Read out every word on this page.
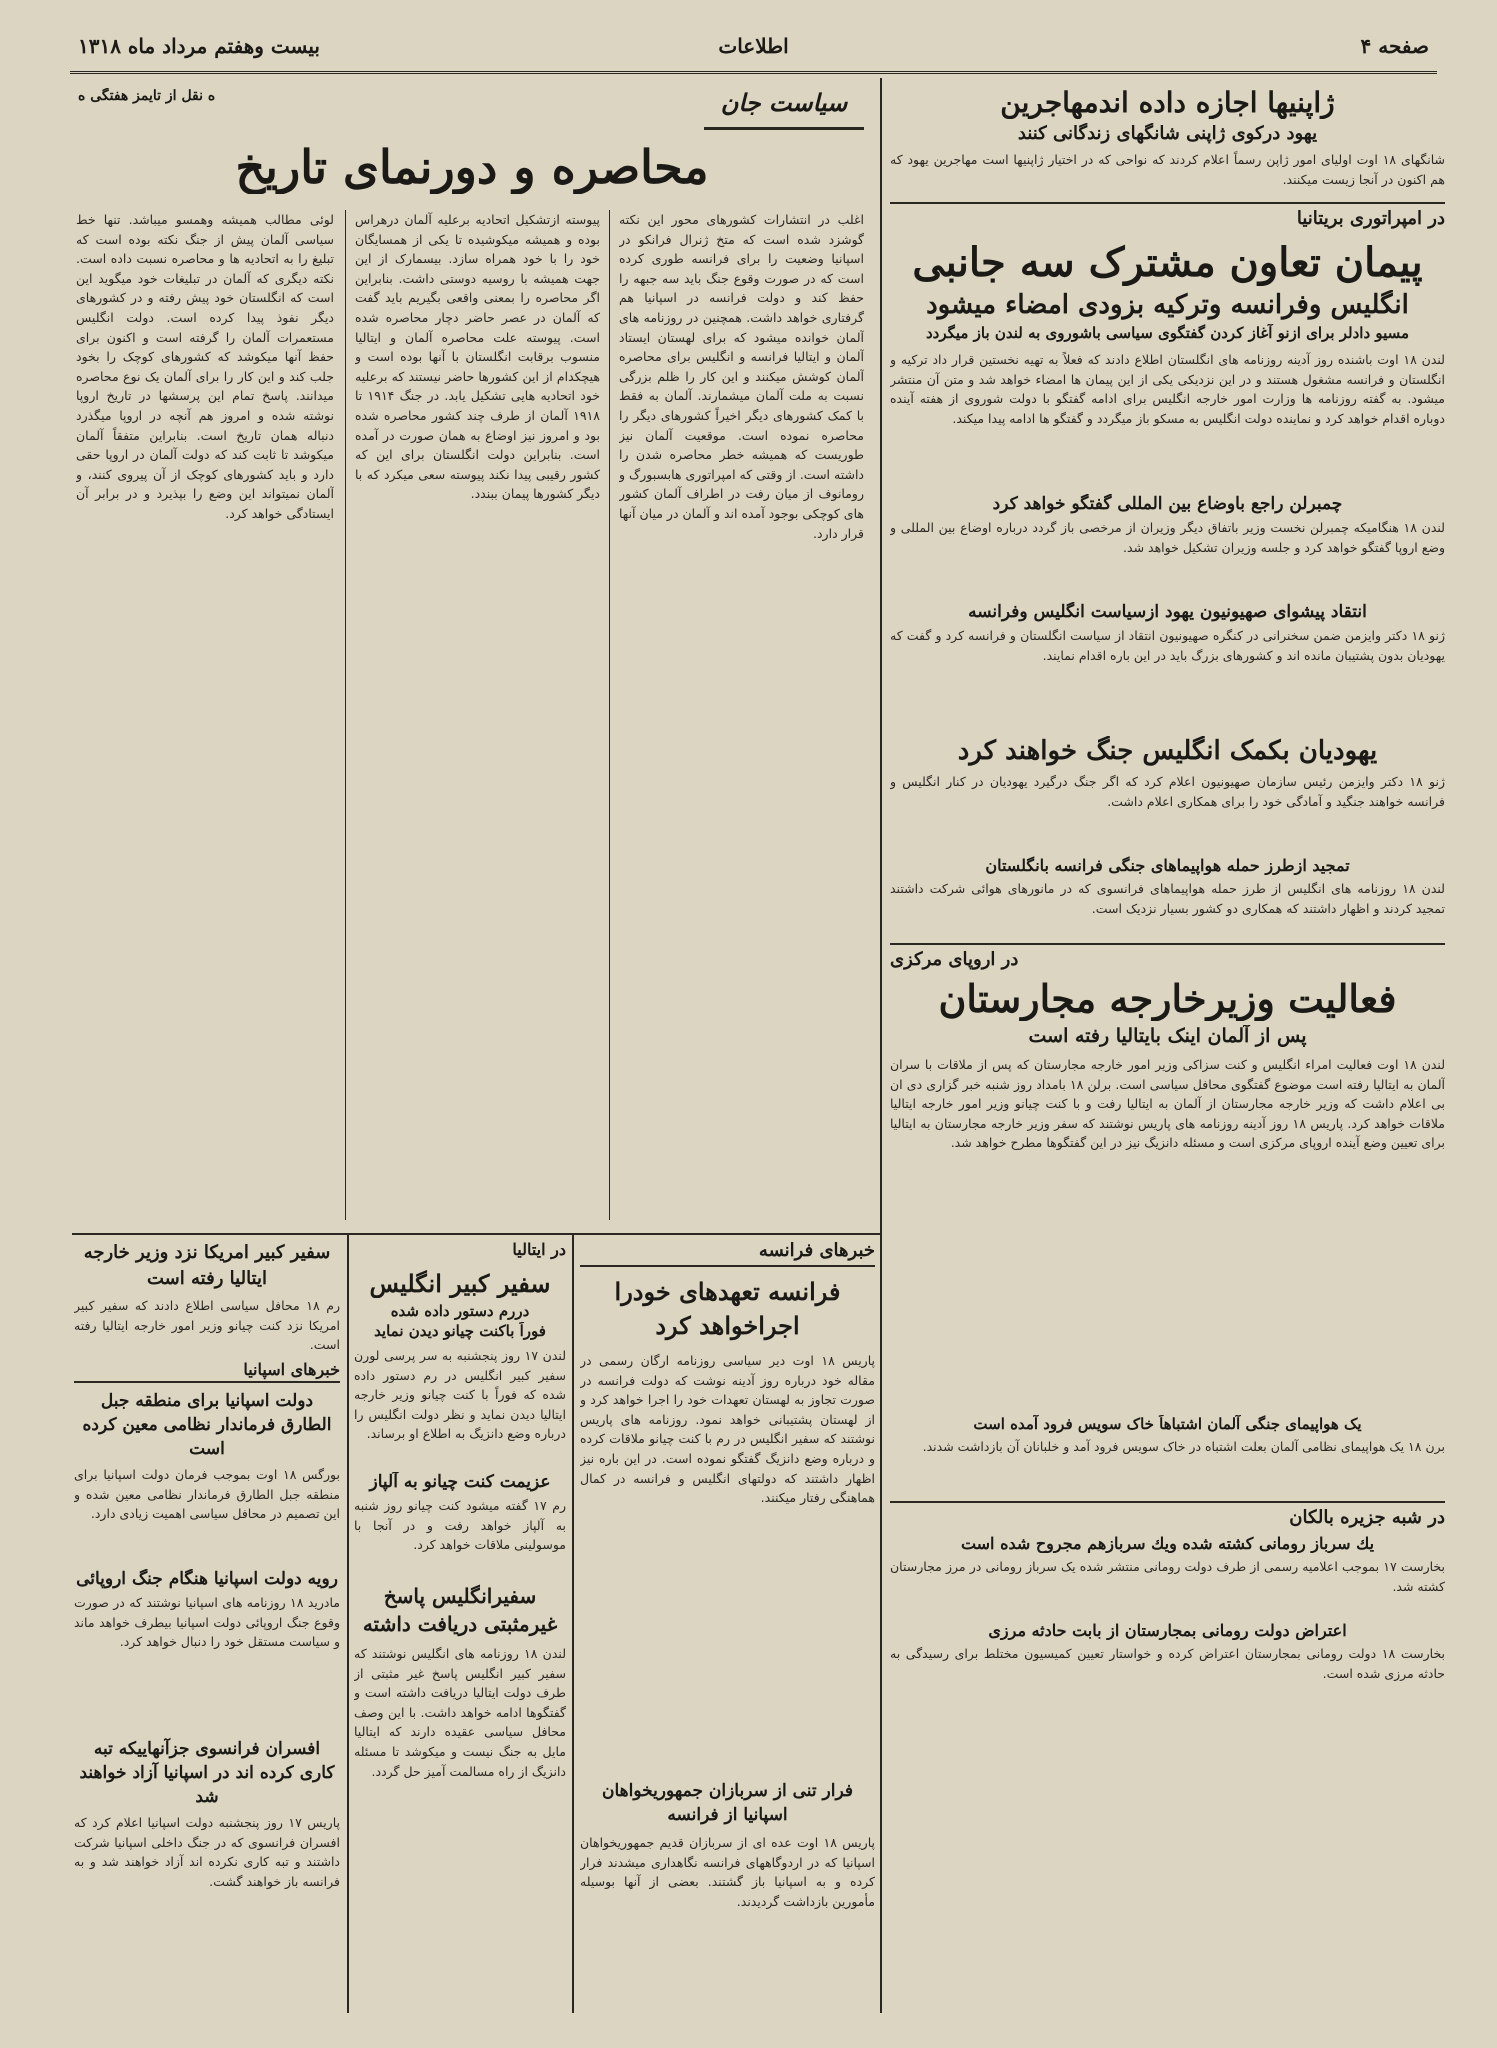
صفحه ۴
اطلاعات
بیست وهفتم مرداد ماه ۱۳۱۸
ژاپنیها اجازه داده اندمهاجرین
یهود درکوی ژاپنی شانگهای زندگانی کنند
شانگهای ۱۸ اوت اولیای امور ژاپن رسماً اعلام کردند که نواحی که در اختیار ژاپنیها است مهاجرین یهود که هم اکنون در آنجا زیست میکنند.
در امپراتوری بریتانیا
پیمان تعاون مشترک سه جانبی
انگلیس وفرانسه وترکیه بزودی امضاء میشود
مسیو دادلر برای ازنو آغاز کردن گفتگوی سیاسی باشوروی به لندن باز میگردد
لندن ۱۸ اوت باشنده روز آدینه روزنامه های انگلستان اطلاع دادند که فعلاً به تهیه نخستین قرار داد ترکیه و انگلستان و فرانسه مشغول هستند و در این نزدیکی یکی از این پیمان ها امضاء خواهد شد و متن آن منتشر میشود. به گفته روزنامه ها وزارت امور خارجه انگلیس برای ادامه گفتگو با دولت شوروی از هفته آینده دوباره اقدام خواهد کرد و نماینده دولت انگلیس به مسکو باز میگردد و گفتگو ها ادامه پیدا میکند.
چمبرلن راجع باوضاع بین المللی گفتگو خواهد کرد
لندن ۱۸ هنگامیکه چمبرلن نخست وزیر باتفاق دیگر وزیران از مرخصی باز گردد درباره اوضاع بین المللی و وضع اروپا گفتگو خواهد کرد و جلسه وزیران تشکیل خواهد شد.
انتقاد پیشوای صهیونیون یهود ازسیاست انگلیس وفرانسه
ژنو ۱۸ دکتر وایزمن ضمن سخنرانی در کنگره صهیونیون انتقاد از سیاست انگلستان و فرانسه کرد و گفت که یهودیان بدون پشتیبان مانده اند و کشورهای بزرگ باید در این باره اقدام نمایند.
یهودیان بکمک انگلیس جنگ خواهند کرد
ژنو ۱۸ دکتر وایزمن رئیس سازمان صهیونیون اعلام کرد که اگر جنگ درگیرد یهودیان در کنار انگلیس و فرانسه خواهند جنگید و آمادگی خود را برای همکاری اعلام داشت.
تمجید ازطرز حمله هواپیماهای جنگی فرانسه بانگلستان
لندن ۱۸ روزنامه های انگلیس از طرز حمله هواپیماهای فرانسوی که در مانورهای هوائی شرکت داشتند تمجید کردند و اظهار داشتند که همکاری دو کشور بسیار نزدیک است.
در اروپای مرکزی
فعالیت وزیرخارجه مجارستان
پس از آلمان اینک بایتالیا رفته است
لندن ۱۸ اوت فعالیت امراء انگلیس و کنت سزاکی وزیر امور خارجه مجارستان که پس از ملاقات با سران آلمان به ایتالیا رفته است موضوع گفتگوی محافل سیاسی است. برلن ۱۸ بامداد روز شنبه خبر گزاری دی ان بی اعلام داشت که وزیر خارجه مجارستان از آلمان به ایتالیا رفت و با کنت چیانو وزیر امور خارجه ایتالیا ملاقات خواهد کرد. پاریس ۱۸ روز آدینه روزنامه های پاریس نوشتند که سفر وزیر خارجه مجارستان به ایتالیا برای تعیین وضع آینده اروپای مرکزی است و مسئله دانزیگ نیز در این گفتگوها مطرح خواهد شد.
یک هواپیمای جنگی آلمان اشتباهاً خاک سویس فرود آمده است
برن ۱۸ یک هواپیمای نظامی آلمان بعلت اشتباه در خاک سویس فرود آمد و خلبانان آن بازداشت شدند.
در شبه جزیره بالکان
یك سرباز رومانی کشته شده ویك سربازهم مجروح شده است
بخارست ۱۷ بموجب اعلامیه رسمی از طرف دولت رومانی منتشر شده یک سرباز رومانی در مرز مجارستان کشته شد.
اعتراض دولت رومانی بمجارستان از بابت حادثه مرزی
بخارست ۱۸ دولت رومانی بمجارستان اعتراض کرده و خواستار تعیین کمیسیون مختلط برای رسیدگی به حادثه مرزی شده است.
سیاست جان
ه نقل از تایمز هفتگی ه
محاصره و دورنمای تاریخ
اغلب در انتشارات کشورهای محور این نکته گوشزد شده است که متخ ژنرال فرانکو در اسپانیا وضعیت را برای فرانسه طوری کرده است که در صورت وقوع جنگ باید سه جبهه را حفظ کند و دولت فرانسه در اسپانیا هم گرفتاری خواهد داشت. همچنین در روزنامه های آلمان خوانده میشود که برای لهستان ایستاد آلمان و ایتالیا فرانسه و انگلیس برای محاصره آلمان کوشش میکنند و این کار را ظلم بزرگی نسبت به ملت آلمان میشمارند. آلمان به فقط با کمک کشورهای دیگر اخیراً کشورهای دیگر را محاصره نموده است. موقعیت آلمان نیز طوریست که همیشه خطر محاصره شدن را داشته است. از وقتی که امپراتوری هابسبورگ و رومانوف از میان رفت در اطراف آلمان کشور های کوچکی بوجود آمده اند و آلمان در میان آنها قرار دارد.
پیوسته ازتشکیل اتحادیه برعلیه آلمان درهراس بوده و همیشه میکوشیده تا یکی از همسایگان خود را با خود همراه سازد. بیسمارک از این جهت همیشه با روسیه دوستی داشت. بنابراین اگر محاصره را بمعنی واقعی بگیریم باید گفت که آلمان در عصر حاضر دچار محاصره شده است. پیوسته علت محاصره آلمان و ایتالیا منسوب برقابت انگلستان با آنها بوده است و هیچکدام از این کشورها حاضر نیستند که برعلیه خود اتحادیه هایی تشکیل یابد. در جنگ ۱۹۱۴ تا ۱۹۱۸ آلمان از طرف چند کشور محاصره شده بود و امروز نیز اوضاع به همان صورت در آمده است. بنابراین دولت انگلستان برای این که کشور رقیبی پیدا نکند پیوسته سعی میکرد که با دیگر کشورها پیمان ببندد.
لوئی مطالب همیشه وهمسو میباشد. تنها خط سیاسی آلمان پیش از جنگ نکته بوده است که تبلیغ را به اتحادیه ها و محاصره نسبت داده است. نکته دیگری که آلمان در تبلیغات خود میگوید این است که انگلستان خود پیش رفته و در کشورهای دیگر نفوذ پیدا کرده است. دولت انگلیس مستعمرات آلمان را گرفته است و اکنون برای حفظ آنها میکوشد که کشورهای کوچک را بخود جلب کند و این کار را برای آلمان یک نوع محاصره میدانند. پاسخ تمام این پرسشها در تاریخ اروپا نوشته شده و امروز هم آنچه در اروپا میگذرد دنباله همان تاریخ است. بنابراین متفقاً آلمان میکوشد تا ثابت کند که دولت آلمان در اروپا حقی دارد و باید کشورهای کوچک از آن پیروی کنند، و آلمان نمیتواند این وضع را بپذیرد و در برابر آن ایستادگی خواهد کرد.
خبرهای فرانسه
فرانسه تعهدهای خودرا اجراخواهد کرد
پاریس ۱۸ اوت دیر سیاسی روزنامه ارگان رسمی در مقاله خود درباره روز آدینه نوشت که دولت فرانسه در صورت تجاوز به لهستان تعهدات خود را اجرا خواهد کرد و از لهستان پشتیبانی خواهد نمود. روزنامه های پاریس نوشتند که سفیر انگلیس در رم با کنت چیانو ملاقات کرده و درباره وضع دانزیگ گفتگو نموده است. در این باره نیز اظهار داشتند که دولتهای انگلیس و فرانسه در کمال هماهنگی رفتار میکنند.
فرار تنی از سربازان جمهوریخواهان اسپانیا از فرانسه
پاریس ۱۸ اوت عده ای از سربازان قدیم جمهوریخواهان اسپانیا که در اردوگاههای فرانسه نگاهداری میشدند فرار کرده و به اسپانیا باز گشتند. بعضی از آنها بوسیله مأمورین بازداشت گردیدند.
در ایتالیا
سفیر کبیر انگلیس
دررم دستور داده شده
فوراً باکنت چیانو دیدن نماید
لندن ۱۷ روز پنجشنبه به سر پرسی لورن سفیر کبیر انگلیس در رم دستور داده شده که فوراً با کنت چیانو وزیر خارجه ایتالیا دیدن نماید و نظر دولت انگلیس را درباره وضع دانزیگ به اطلاع او برساند.
عزیمت کنت چیانو به آلپاز
رم ۱۷ گفته میشود کنت چیانو روز شنبه به آلپاز خواهد رفت و در آنجا با موسولینی ملاقات خواهد کرد.
سفیرانگلیس پاسخ غیرمثبتی دریافت داشته
لندن ۱۸ روزنامه های انگلیس نوشتند که سفیر کبیر انگلیس پاسخ غیر مثبتی از طرف دولت ایتالیا دریافت داشته است و گفتگوها ادامه خواهد داشت. با این وصف محافل سیاسی عقیده دارند که ایتالیا مایل به جنگ نیست و میکوشد تا مسئله دانزیگ از راه مسالمت آمیز حل گردد.
سفیر کبیر امریکا نزد وزیر خارجه ایتالیا رفته است
رم ۱۸ محافل سیاسی اطلاع دادند که سفیر کبیر امریکا نزد کنت چیانو وزیر امور خارجه ایتالیا رفته است.
خبرهای اسپانیا
دولت اسپانیا برای منطقه جبل الطارق فرماندار نظامی معین کرده است
بورگس ۱۸ اوت بموجب فرمان دولت اسپانیا برای منطقه جبل الطارق فرماندار نظامی معین شده و این تصمیم در محافل سیاسی اهمیت زیادی دارد.
رویه دولت اسپانیا هنگام جنگ اروپائی
مادرید ۱۸ روزنامه های اسپانیا نوشتند که در صورت وقوع جنگ اروپائی دولت اسپانیا بیطرف خواهد ماند و سیاست مستقل خود را دنبال خواهد کرد.
افسران فرانسوی جزآنهاییکه تبه کاری کرده اند در اسپانیا آزاد خواهند شد
پاریس ۱۷ روز پنجشنبه دولت اسپانیا اعلام کرد که افسران فرانسوی که در جنگ داخلی اسپانیا شرکت داشتند و تبه کاری نکرده اند آزاد خواهند شد و به فرانسه باز خواهند گشت.
